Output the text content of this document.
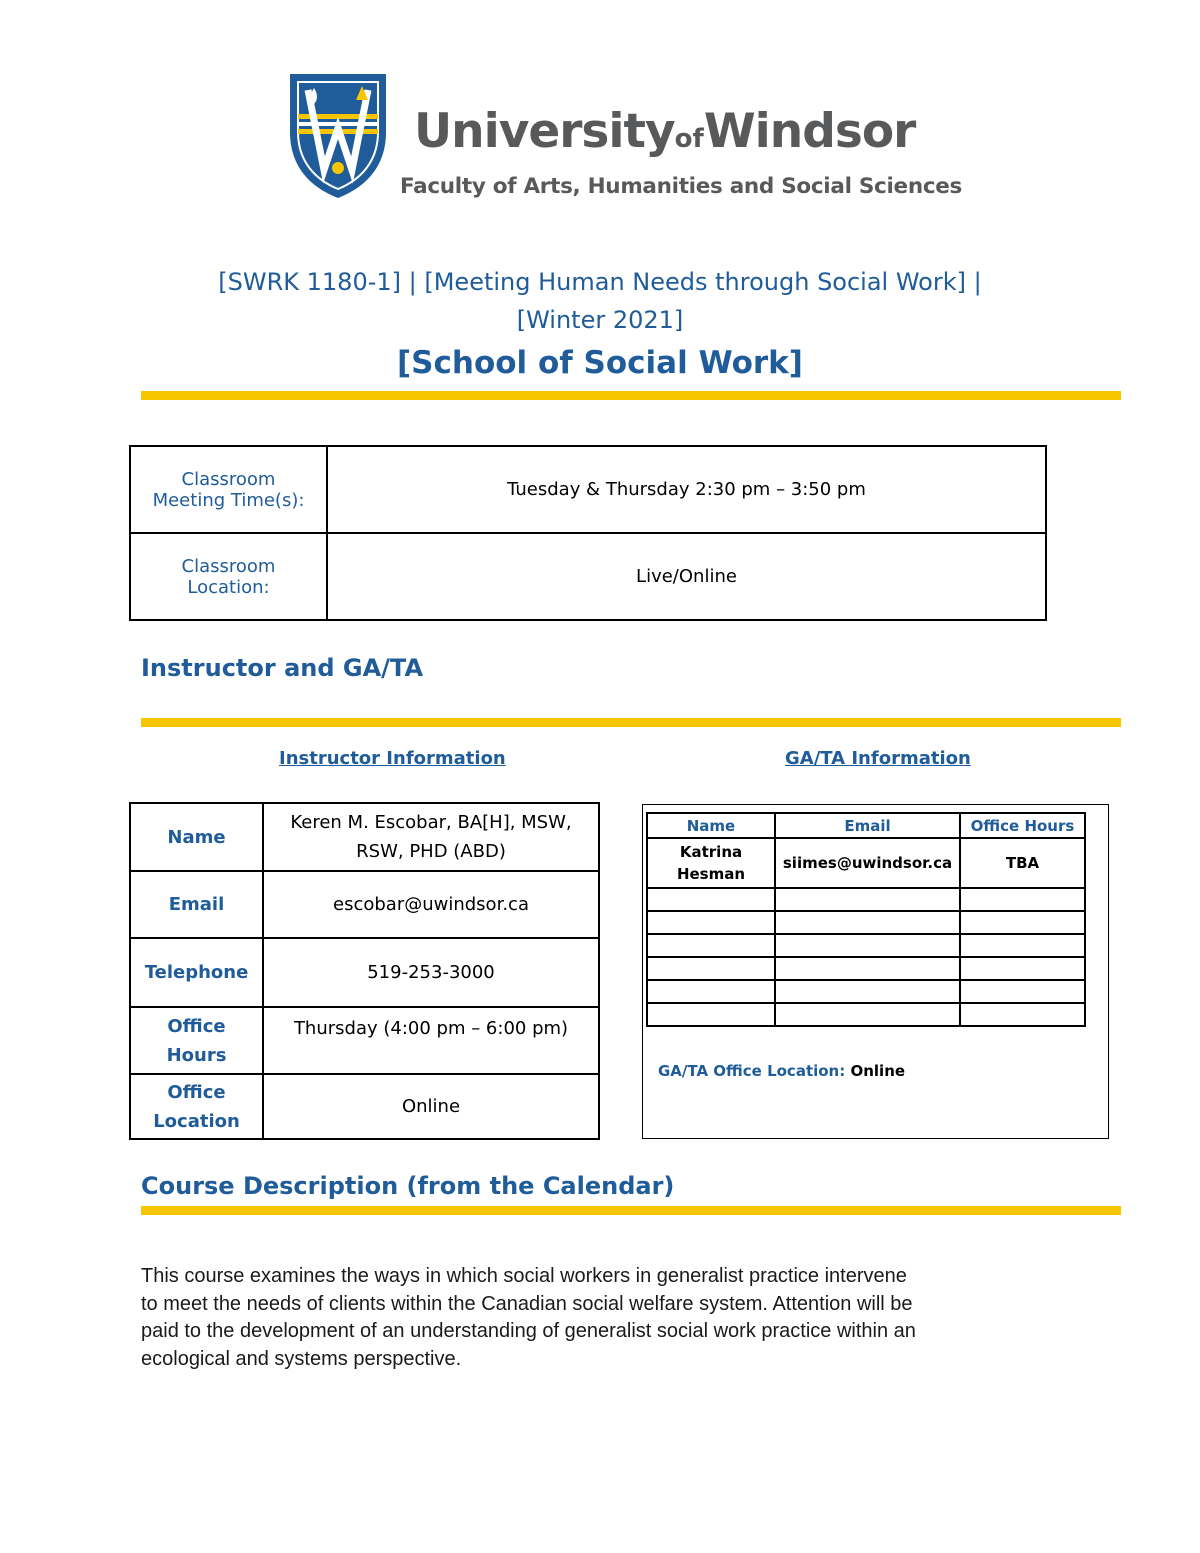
UniversityofWindsor
Faculty of Arts, Humanities and Social Sciences
[SWRK 1180-1] | [Meeting Human Needs through Social Work] |
[Winter 2021]
[School of Social Work]
Classroom
Meeting Time(s):	Tuesday & Thursday 2:30 pm – 3:50 pm
Classroom
Location:	Live/Online
Instructor and GA/TA
Instructor Information	GA/TA Information
Name	Keren M. Escobar, BA[H], MSW,
RSW, PHD (ABD)
Email	escobar@uwindsor.ca
Telephone	519-253-3000
Office
Hours	Thursday (4:00 pm – 6:00 pm)
Office
Location	Online
Name	Email	Office Hours
Katrina
Hesman	siimes@uwindsor.ca	TBA

GA/TA Office Location: Online
Course Description (from the Calendar)
This course examines the ways in which social workers in generalist practice intervene
to meet the needs of clients within the Canadian social welfare system. Attention will be
paid to the development of an understanding of generalist social work practice within an
ecological and systems perspective.
